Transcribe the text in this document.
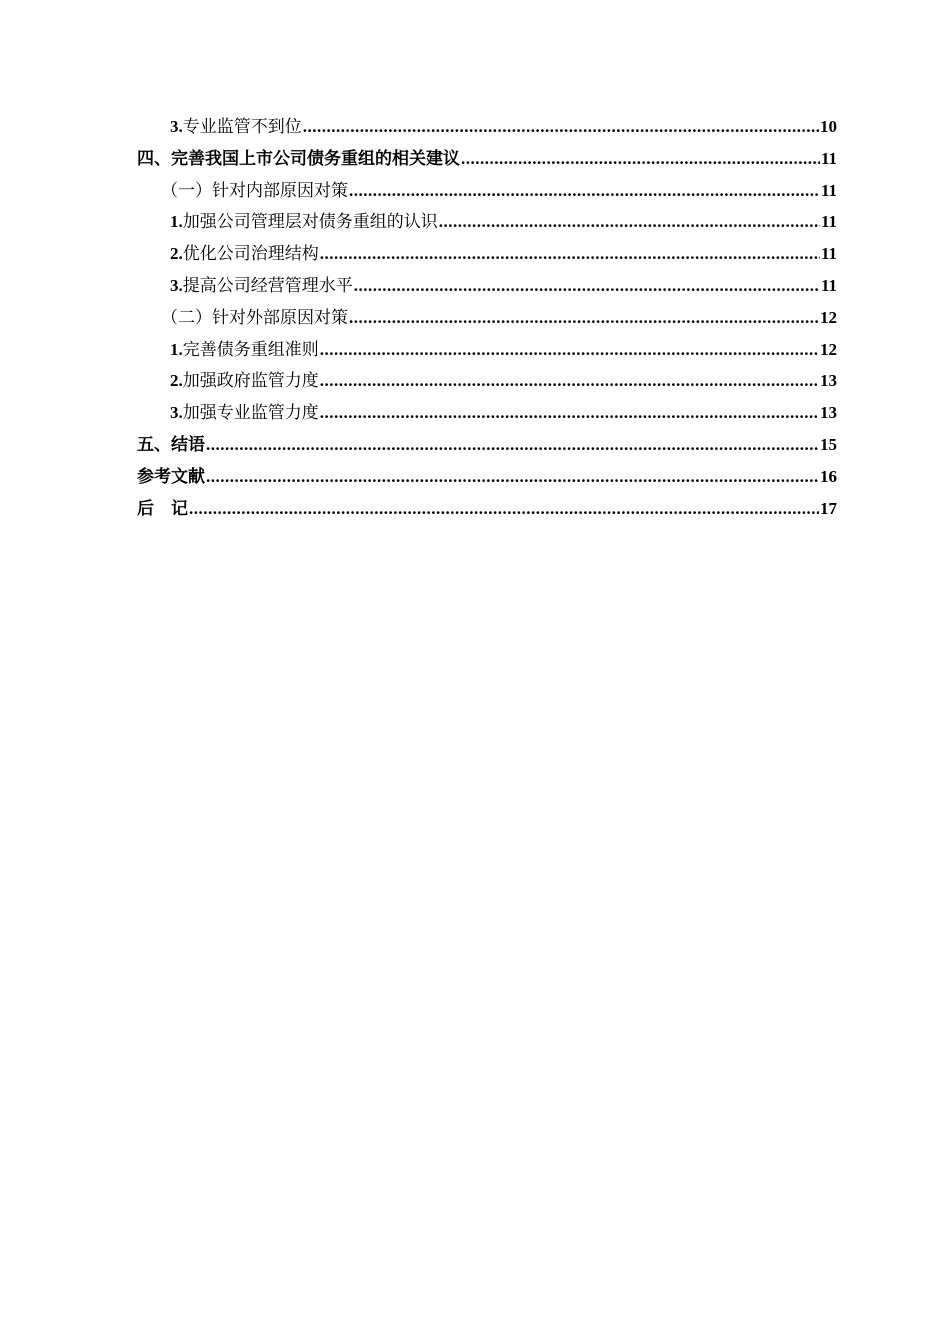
3.专业监管不到位 .....	10
四、完善我国上市公司债务重组的相关建议 .....	11
（一）针对内部原因对策 .....	11
1.加强公司管理层对债务重组的认识 .....	11
2.优化公司治理结构 .....	11
3.提高公司经营管理水平 .....	11
（二）针对外部原因对策 .....	12
1.完善债务重组准则 .....	12
2.加强政府监管力度 .....	13
3.加强专业监管力度 .....	13
五、结语 .....	15
参考文献 .....	16
后　记 .....	17
